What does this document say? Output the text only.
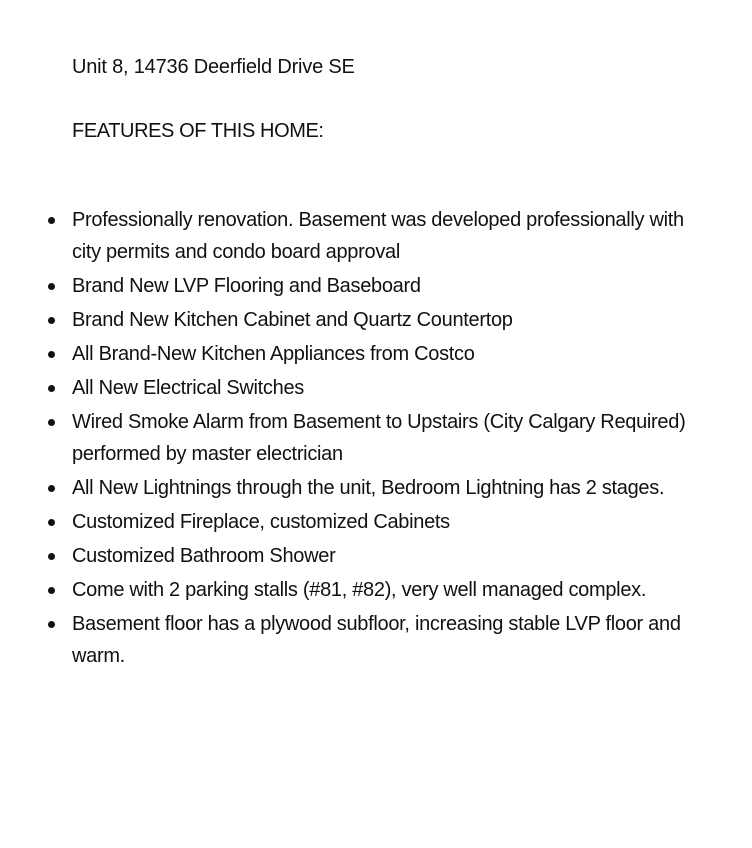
Unit 8, 14736 Deerfield Drive SE
FEATURES OF THIS HOME:
Professionally renovation. Basement was developed professionally with city permits and condo board approval
Brand New LVP Flooring and Baseboard
Brand New Kitchen Cabinet and Quartz Countertop
All Brand-New Kitchen Appliances from Costco
All New Electrical Switches
Wired Smoke Alarm from Basement to Upstairs (City Calgary Required) performed by master electrician
All New Lightnings through the unit, Bedroom Lightning has 2 stages.
Customized Fireplace, customized Cabinets
Customized Bathroom Shower
Come with 2 parking stalls (#81, #82), very well managed complex.
Basement floor has a plywood subfloor, increasing stable LVP floor and warm.
